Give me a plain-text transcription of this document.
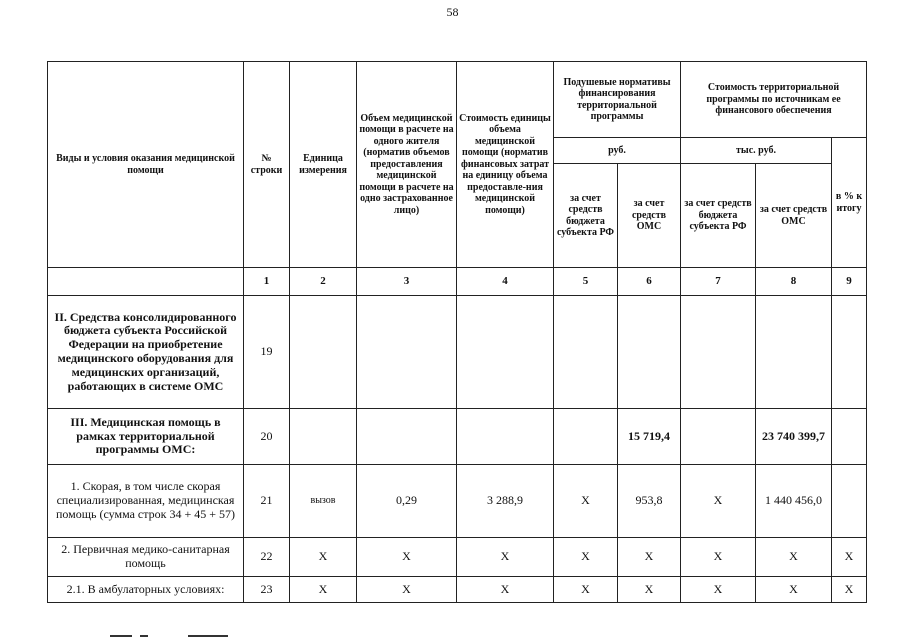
58
Виды и условия оказания медицинской помощи	№ строки	Единица измерения	Объем медицинской помощи в расчете на одного жителя (норматив объемов предоставления медицинской помощи в расчете на одно застрахованное лицо)	Стоимость единицы объема медицинской помощи (норматив финансовых затрат на единицу объема предоставле-ния медицинской помощи)	Подушевые нормативы финансирования территориальной программы		Стоимость территориальной программы по источникам ее финансового обеспечения		
					руб.		тыс. руб.		в % к итогу
					за счет средств бюджета субъекта РФ	за счет средств ОМС	за счет средств бюджета субъекта РФ	за счет средств ОМС	
	1	2	3	4	5	6	7	8	9
II. Средства консолидированного бюджета субъекта Российской Федерации на приобретение медицинского оборудования для медицинских организаций, работающих в системе ОМС	19								
III. Медицинская помощь в рамках территориальной программы ОМС:	20					15 719,4		23 740 399,7	
1. Скорая, в том числе скорая специализированная, медицинская помощь (сумма строк 34 + 45 + 57)	21	вызов	0,29	3 288,9	X	953,8	X	1 440 456,0	
2. Первичная медико-санитарная помощь	22	X	X	X	X	X	X	X	X
2.1. В амбулаторных условиях:	23	X	X	X	X	X	X	X	X
